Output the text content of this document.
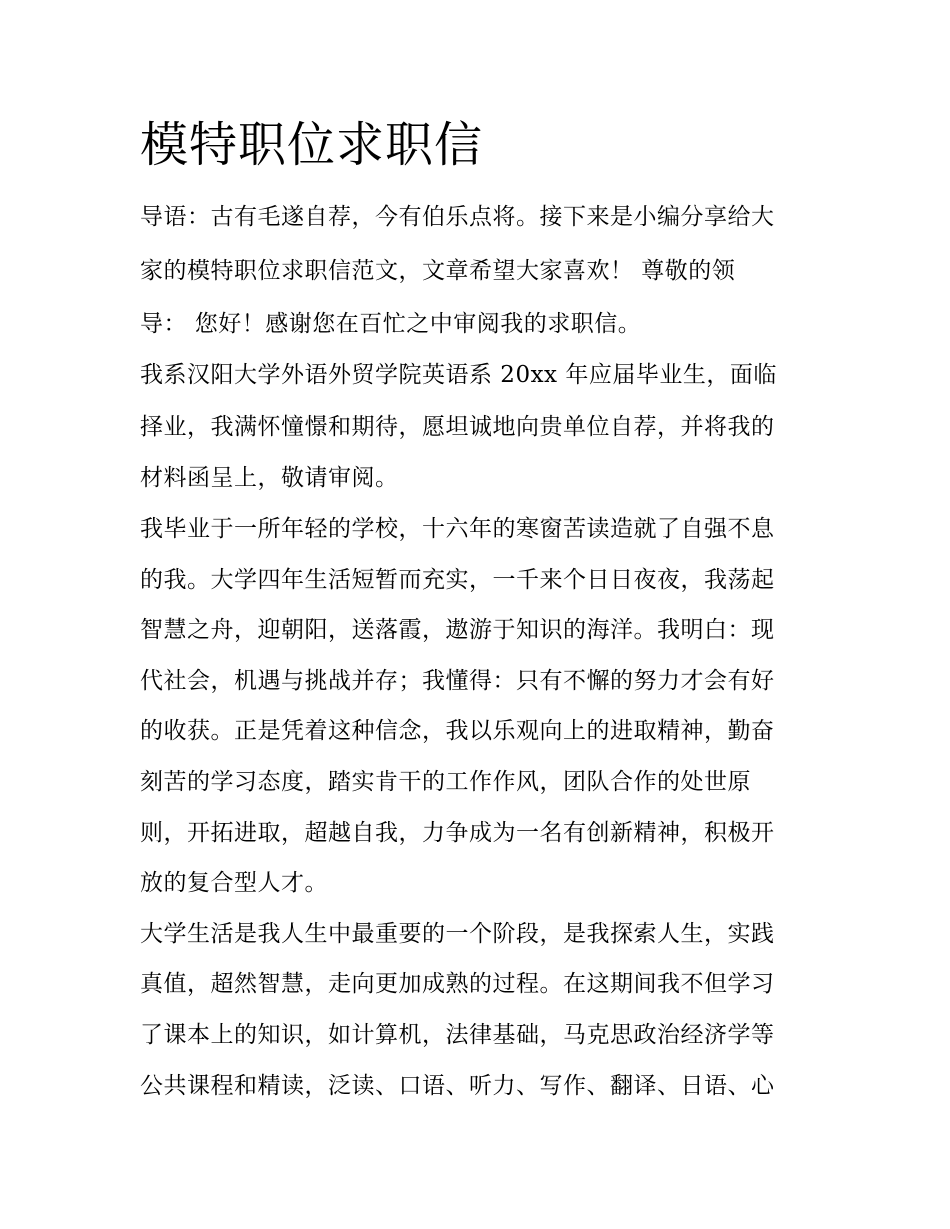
模特职位求职信
导语：古有毛遂自荐，今有伯乐点将。接下来是小编分享给大
家的模特职位求职信范文，文章希望大家喜欢！ 尊敬的领
导： 您好！感谢您在百忙之中审阅我的求职信。
我系汉阳大学外语外贸学院英语系 20xx 年应届毕业生，面临
择业，我满怀憧憬和期待，愿坦诚地向贵单位自荐，并将我的
材料函呈上，敬请审阅。
我毕业于一所年轻的学校，十六年的寒窗苦读造就了自强不息
的我。大学四年生活短暂而充实，一千来个日日夜夜，我荡起
智慧之舟，迎朝阳，送落霞，遨游于知识的海洋。我明白：现
代社会，机遇与挑战并存；我懂得：只有不懈的努力才会有好
的收获。正是凭着这种信念，我以乐观向上的进取精神，勤奋
刻苦的学习态度，踏实肯干的工作作风，团队合作的处世原
则，开拓进取，超越自我，力争成为一名有创新精神，积极开
放的复合型人才。
大学生活是我人生中最重要的一个阶段，是我探索人生，实践
真值，超然智慧，走向更加成熟的过程。在这期间我不但学习
了课本上的知识，如计算机，法律基础，马克思政治经济学等
公共课程和精读，泛读、口语、听力、写作、翻译、日语、心
